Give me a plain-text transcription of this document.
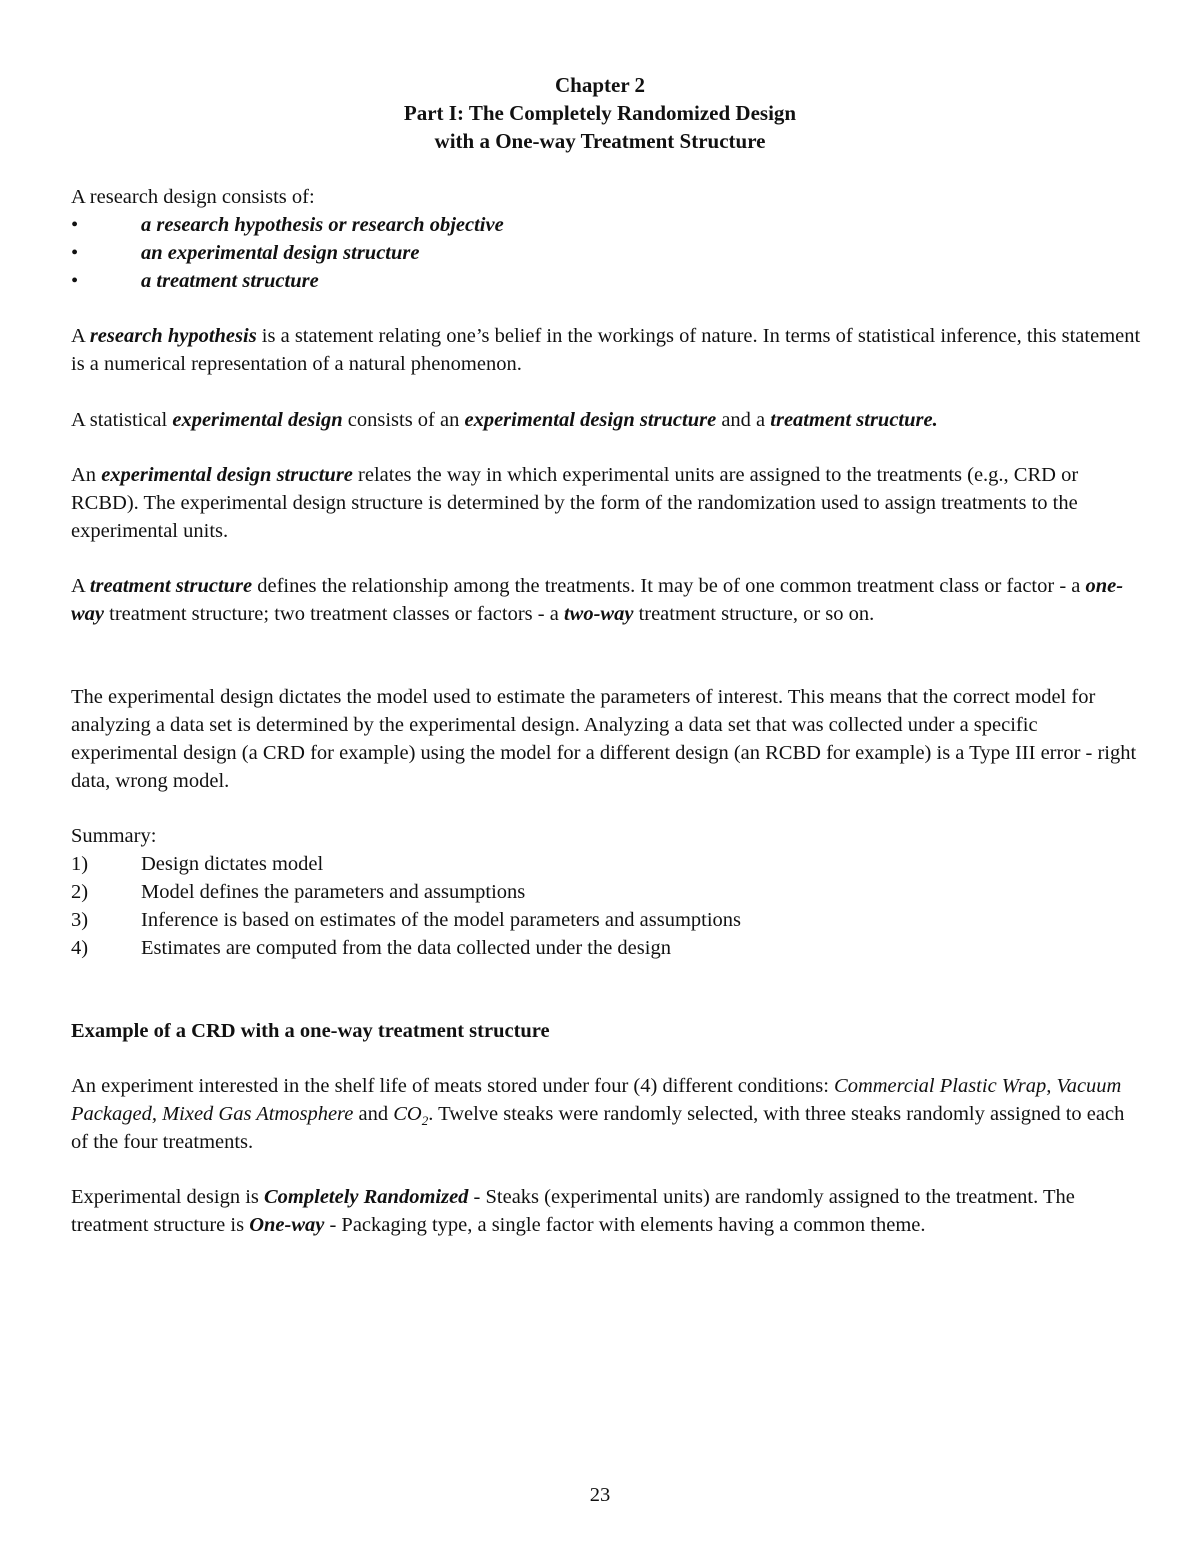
Chapter 2
Part I: The Completely Randomized Design
with a One-way Treatment Structure
A research design consists of:
•	a research hypothesis or research objective
•	an experimental design structure
•	a treatment structure

A research hypothesis is a statement relating one’s belief in the workings of nature. In terms of statistical inference, this statement is a numerical representation of a natural phenomenon.

A statistical experimental design consists of an experimental design structure and a treatment structure.

An experimental design structure relates the way in which experimental units are assigned to the treatments (e.g., CRD or RCBD). The experimental design structure is determined by the form of the randomization used to assign treatments to the experimental units.

A treatment structure defines the relationship among the treatments. It may be of one common treatment class or factor - a one-way treatment structure; two treatment classes or factors - a two-way treatment structure, or so on.

The experimental design dictates the model used to estimate the parameters of interest. This means that the correct model for analyzing a data set is determined by the experimental design. Analyzing a data set that was collected under a specific experimental design (a CRD for example) using the model for a different design (an RCBD for example) is a Type III error - right data, wrong model.

Summary:
1)	Design dictates model
2)	Model defines the parameters and assumptions
3)	Inference is based on estimates of the model parameters and assumptions
4)	Estimates are computed from the data collected under the design
Example of a CRD with a one-way treatment structure

An experiment interested in the shelf life of meats stored under four (4) different conditions: Commercial Plastic Wrap, Vacuum Packaged, Mixed Gas Atmosphere and $CO_2$. Twelve steaks were randomly selected, with three steaks randomly assigned to each of the four treatments.

Experimental design is Completely Randomized - Steaks (experimental units) are randomly assigned to the treatment. The treatment structure is One-way - Packaging type, a single factor with elements having a common theme.

23
